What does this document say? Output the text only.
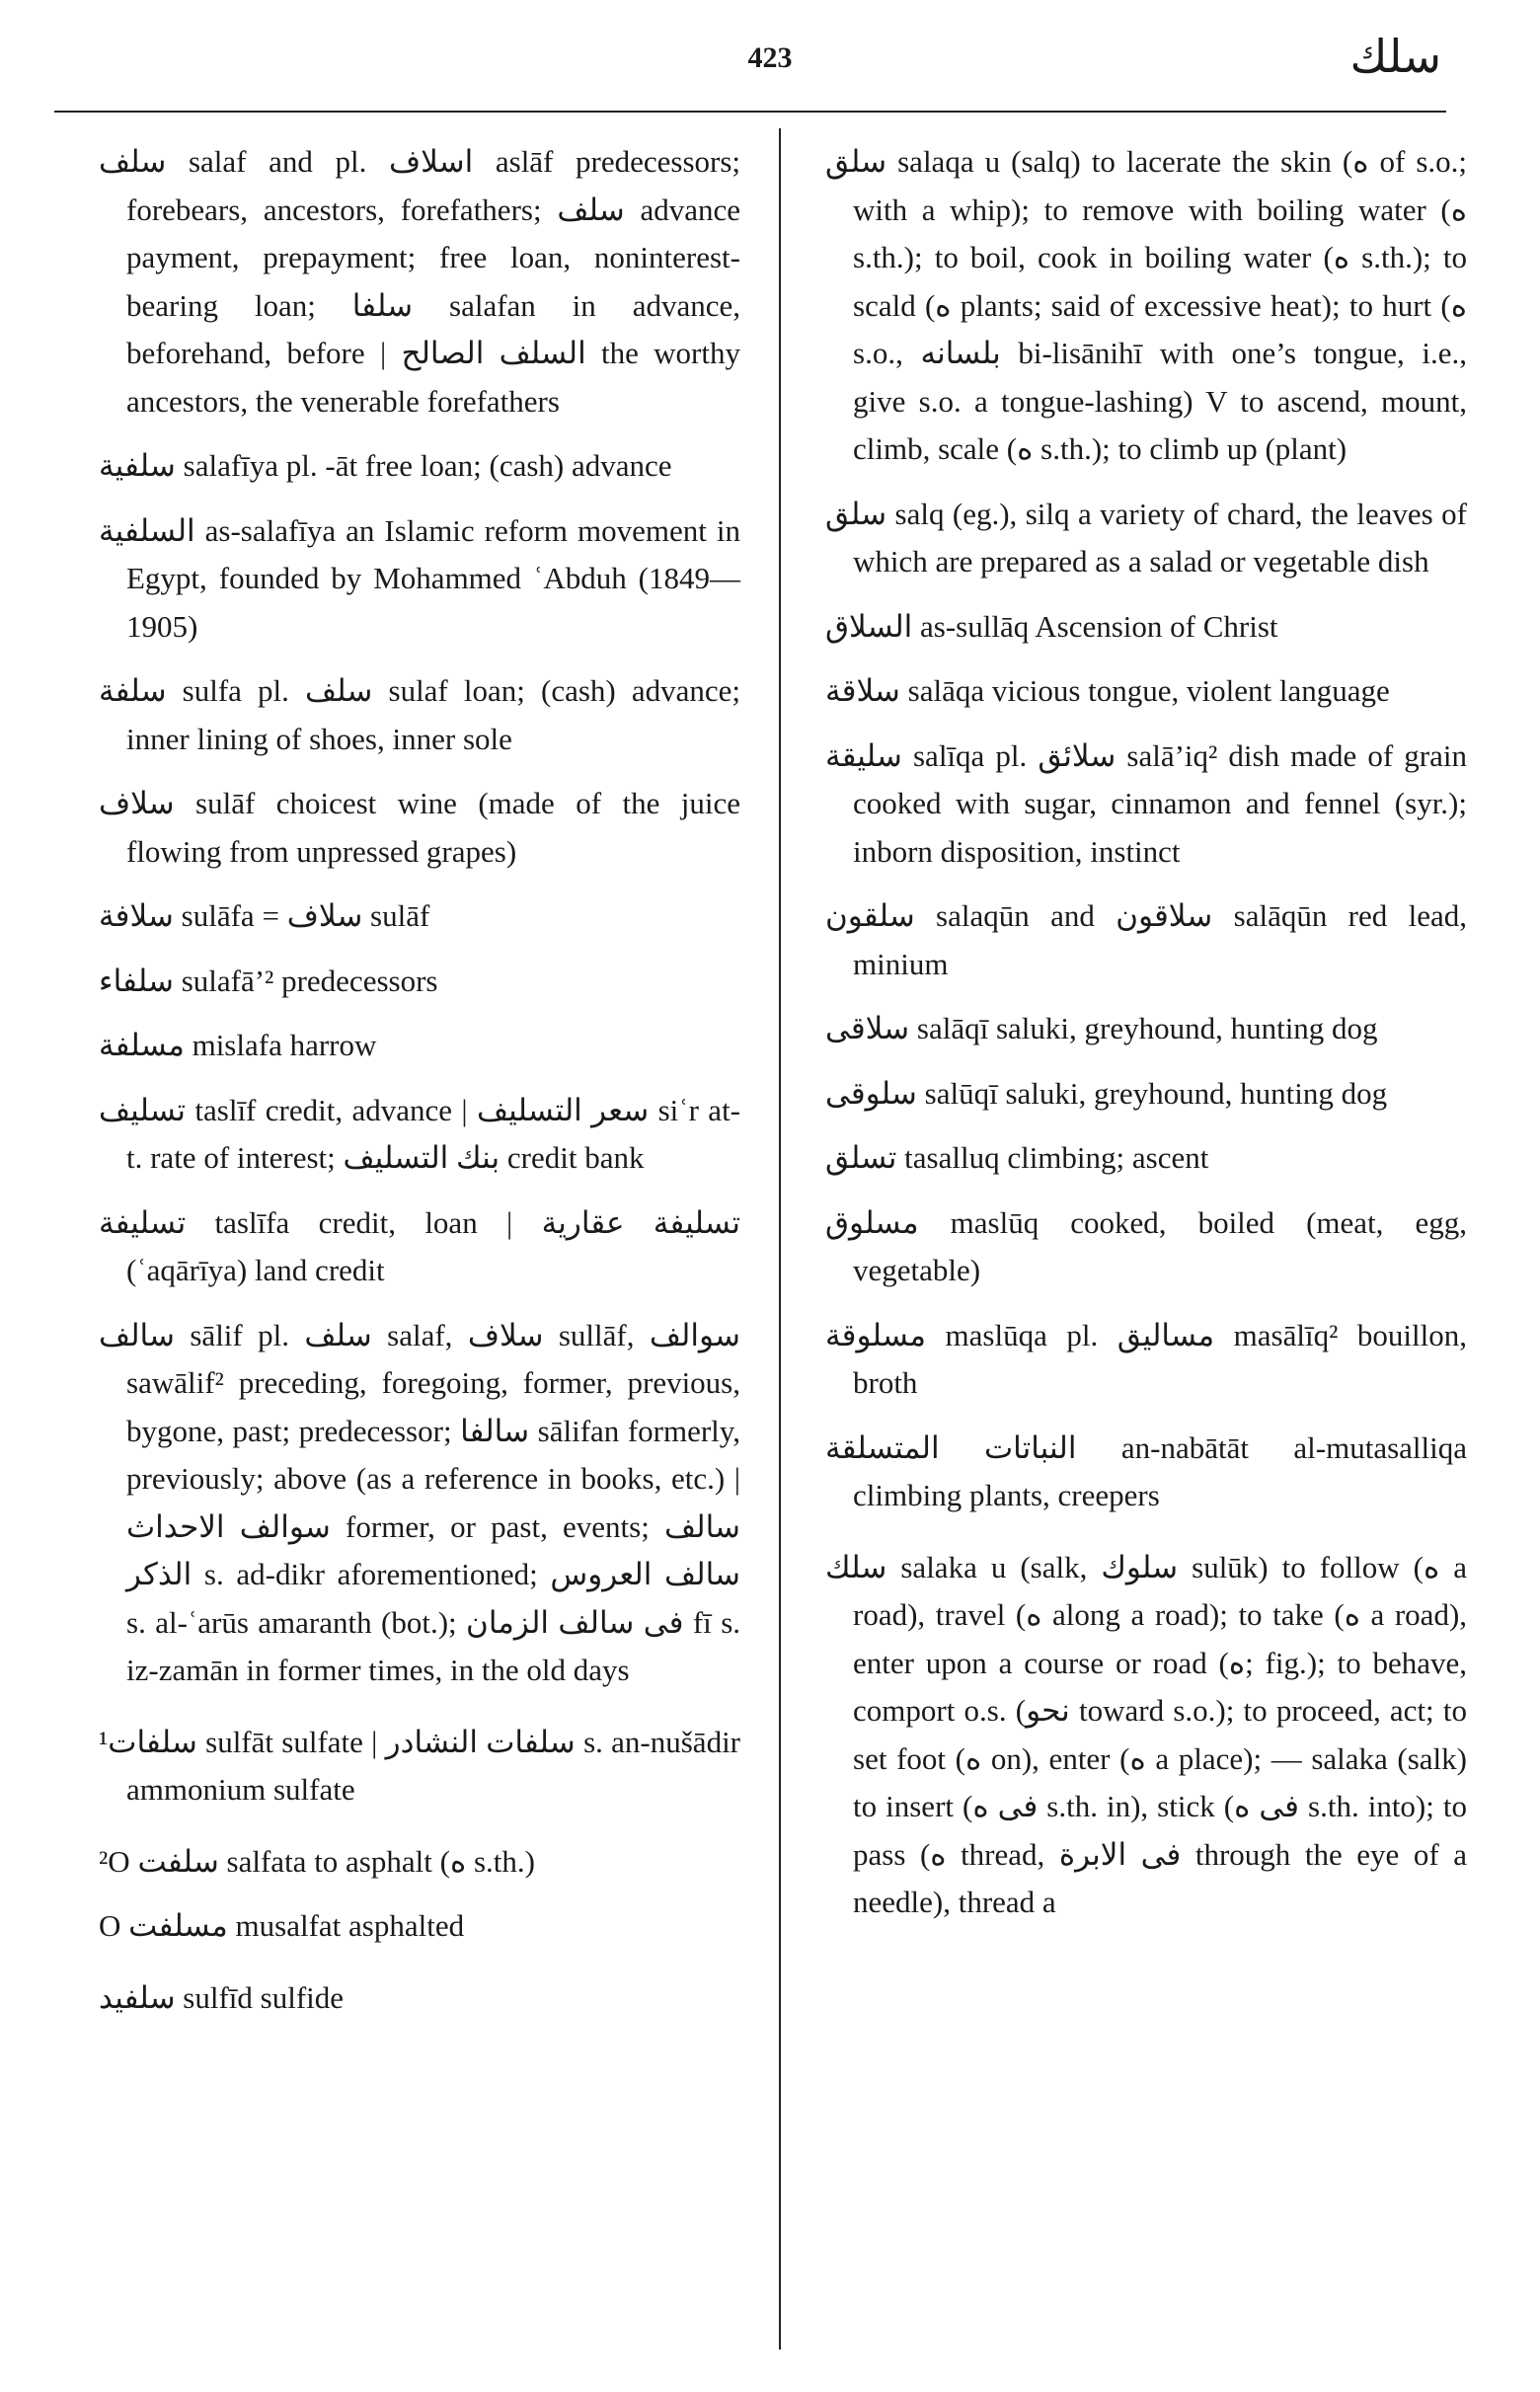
423	سلك

سلف salaf and pl. اسلاف aslāf predecessors; forebears, ancestors, forefathers; سلف advance payment, prepayment; free loan, noninterest-bearing loan; سلفا salafan in advance, beforehand, before | السلف الصالح the worthy ancestors, the venerable forefathers

سلفية salafīya pl. -āt free loan; (cash) advance

السلفية as-salafīya an Islamic reform movement in Egypt, founded by Mohammed ʿAbduh (1849—1905)

سلفة sulfa pl. سلف sulaf loan; (cash) advance; inner lining of shoes, inner sole

سلاف sulāf choicest wine (made of the juice flowing from unpressed grapes)

سلافة sulāfa = سلاف sulāf

سلفاء sulafā’² predecessors

مسلفة mislafa harrow

تسليف taslīf credit, advance | سعر التسليف siʿr at-t. rate of interest; بنك التسليف credit bank

تسليفة taslīfa credit, loan | تسليفة عقارية (ʿaqārīya) land credit

سالف sālif pl. سلف salaf, سلاف sullāf, سوالف sawālif² preceding, foregoing, former, previous, bygone, past; predecessor; سالفا sālifan formerly, previously; above (as a reference in books, etc.) | سوالف الاحداث former, or past, events; سالف الذكر s. ad-dikr aforementioned; سالف العروس s. al-ʿarūs amaranth (bot.); فى سالف الزمان fī s. iz-zamān in former times, in the old days

¹سلفات sulfāt sulfate | سلفات النشادر s. an-nušādir ammonium sulfate

²O سلفت salfata to asphalt (ه s.th.)

O مسلفت musalfat asphalted

سلفيد sulfīd sulfide

سلق salaqa u (salq) to lacerate the skin (ه of s.o.; with a whip); to remove with boiling water (ه s.th.); to boil, cook in boiling water (ه s.th.); to scald (ه plants; said of excessive heat); to hurt (ه s.o., بلسانه bi-lisānihī with one’s tongue, i.e., give s.o. a tongue-lashing) V to ascend, mount, climb, scale (ه s.th.); to climb up (plant)

سلق salq (eg.), silq a variety of chard, the leaves of which are prepared as a salad or vegetable dish

السلاق as-sullāq Ascension of Christ

سلاقة salāqa vicious tongue, violent language

سليقة salīqa pl. سلائق salā’iq² dish made of grain cooked with sugar, cinnamon and fennel (syr.); inborn disposition, instinct

سلقون salaqūn and سلاقون salāqūn red lead, minium

سلاقى salāqī saluki, greyhound, hunting dog

سلوقى salūqī saluki, greyhound, hunting dog

تسلق tasalluq climbing; ascent

مسلوق maslūq cooked, boiled (meat, egg, vegetable)

مسلوقة maslūqa pl. مساليق masālīq² bouillon, broth

النباتات المتسلقة an-nabātāt al-mutasalliqa climbing plants, creepers

سلك salaka u (salk, سلوك sulūk) to follow (ه a road), travel (ه along a road); to take (ه a road), enter upon a course or road (ه; fig.); to behave, comport o.s. (نحو toward s.o.); to proceed, act; to set foot (ه on), enter (ه a place); — salaka (salk) to insert (فى ه s.th. in), stick (فى ه s.th. into); to pass (ه thread, فى الابرة through the eye of a needle), thread a
